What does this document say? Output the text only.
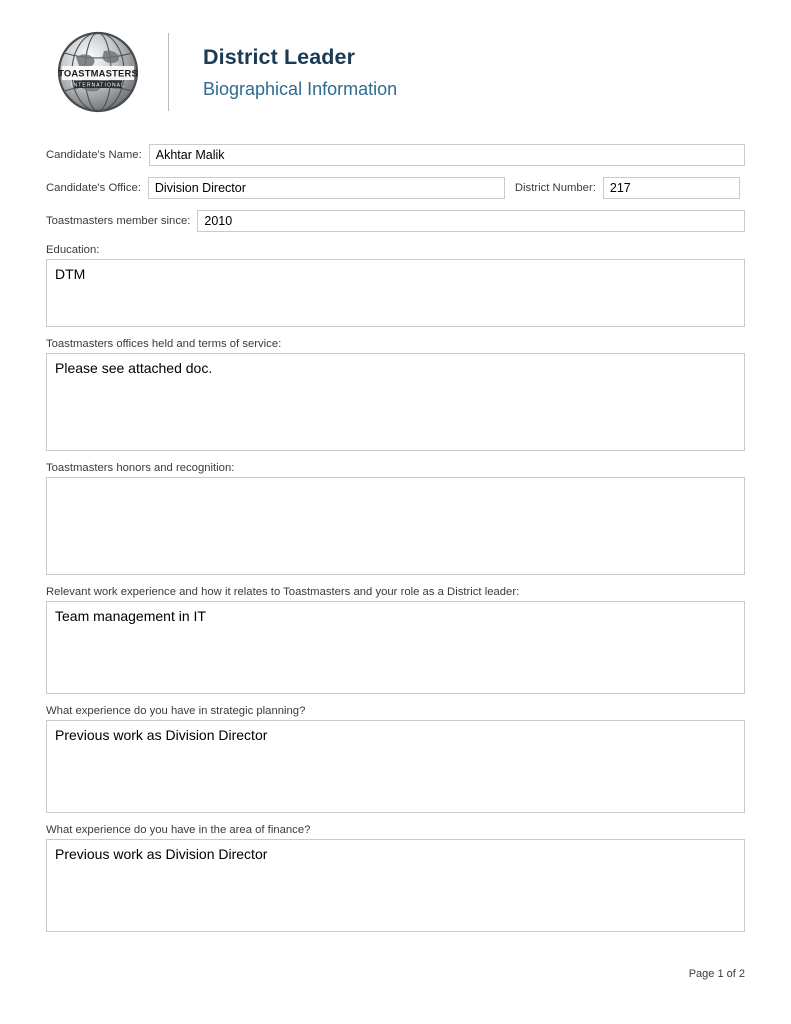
TOASTMASTERS
INTERNATIONAL
District Leader
Biographical Information
Candidate's Name:	Akhtar Malik
Candidate's Office:	Division Director	District Number:	217
Toastmasters member since:	2010
Education:
DTM
Toastmasters offices held and terms of service:
Please see attached doc.
Toastmasters honors and recognition:
Relevant work experience and how it relates to Toastmasters and your role as a District leader:
Team management in IT
What experience do you have in strategic planning?
Previous work as Division Director
What experience do you have in the area of finance?
Previous work as Division Director
Page 1 of 2
